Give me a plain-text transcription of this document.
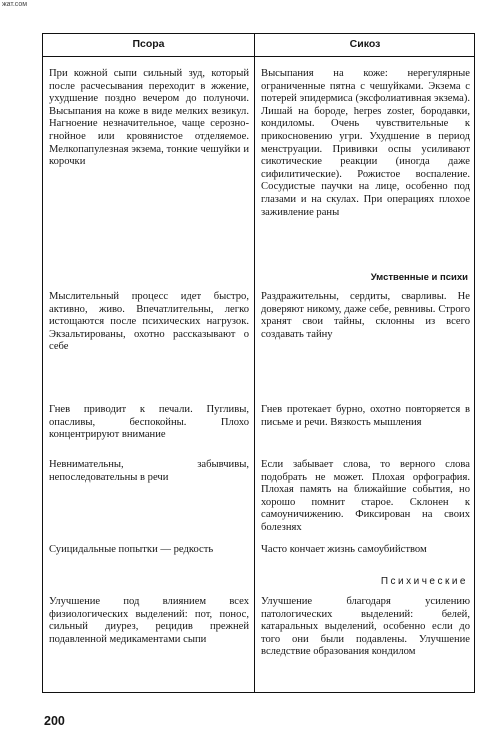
жат.сом
Псора	Сикоз
При кожной сыпи сильный зуд, который после расчесывания переходит в жжение, ухудшение поздно вечером до полуночи. Высыпания на коже в виде мелких везикул. Нагноение незначительное, чаще серозно-гнойное или кровянистое отделяемое. Мелкопапулезная экзема, тонкие чешуйки и корочки
Высыпания на коже: нерегулярные ограниченные пятна с чешуйками. Экзема с потерей эпидермиса (эксфолиативная экзема). Лишай на бороде, herpes zoster, бородавки, кондиломы. Очень чувствительные к прикосновению угри. Ухудшение в период менструации. Прививки оспы усиливают сикотические реакции (иногда даже сифилитические). Рожистое воспаление. Сосудистые паучки на лице, особенно под глазами и на скулах. При операциях плохое заживление раны
Умственные и психи
Мыслительный процесс идет быстро, активно, живо. Впечатлительны, легко истощаются после психических нагрузок. Экзальтированы, охотно рассказывают о себе
Раздражительны, сердиты, сварливы. Не доверяют никому, даже себе, ревнивы. Строго хранят свои тайны, склонны из всего создавать тайну
Гнев приводит к печали. Пугливы, опасливы, беспокойны. Плохо концентрируют внимание
Гнев протекает бурно, охотно повторяется в письме и речи. Вязкость мышления
Невнимательны, забывчивы, непоследовательны в речи
Если забывает слова, то верного слова подобрать не может. Плохая орфография. Плохая память на ближайшие события, но хорошо помнит старое. Склонен к самоуничижению. Фиксирован на своих болезнях
Суицидальные попытки — редкость	Часто кончает жизнь самоубийством
Психические
Улучшение под влиянием всех физиологических выделений: пот, понос, сильный диурез, рецидив прежней подавленной медикаментами сыпи
Улучшение благодаря усилению патологических выделений: белей, катаральных выделений, особенно если до того они были подавлены. Улучшение вследствие образования кондилом
200
